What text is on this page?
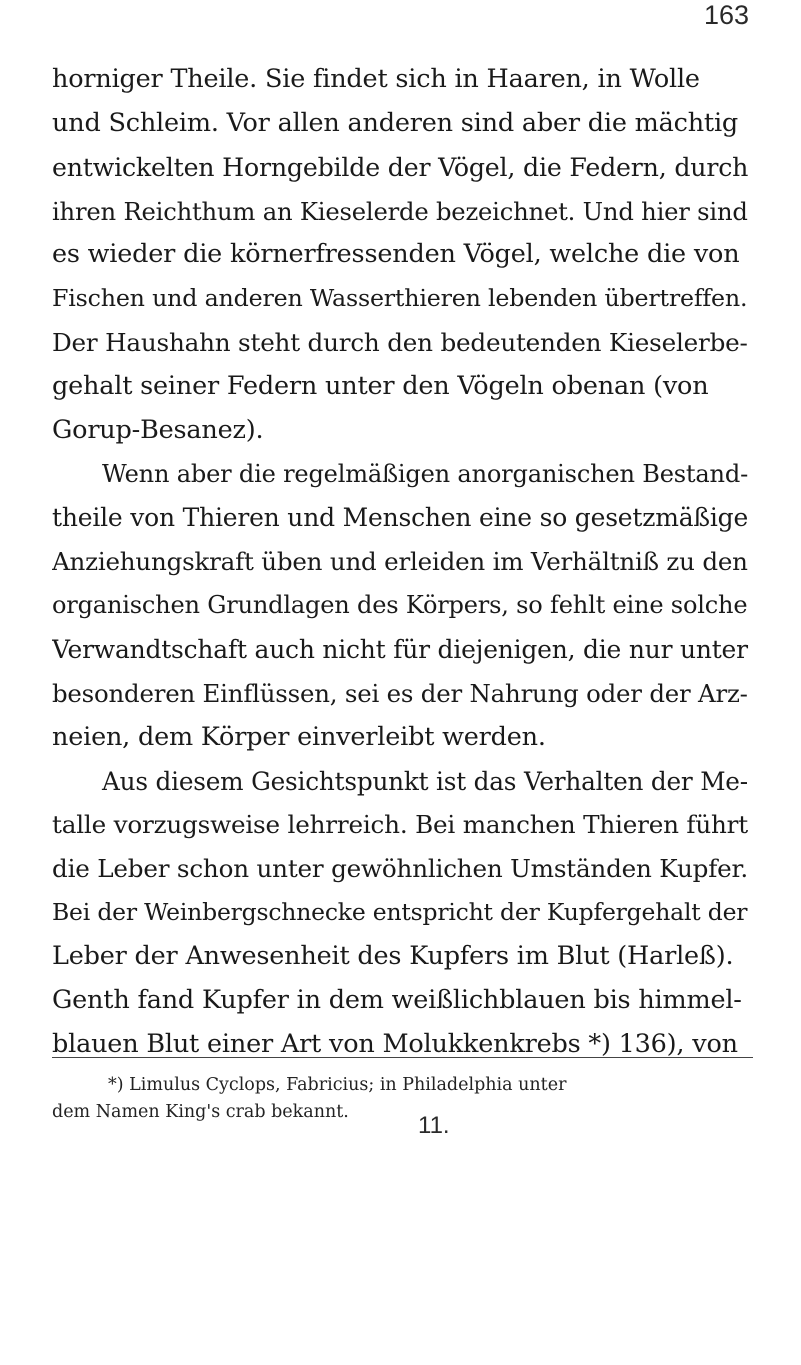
163
horniger Theile. Sie findet sich in Haaren, in Wolle
und Schleim. Vor allen anderen sind aber die mächtig
entwickelten Horngebilde der Vögel, die Federn, durch
ihren Reichthum an Kieselerde bezeichnet. Und hier sind
es wieder die körnerfressenden Vögel, welche die von
Fischen und anderen Wasserthieren lebenden übertreffen.
Der Haushahn steht durch den bedeutenden Kieselerbe-
gehalt seiner Federn unter den Vögeln obenan (von
Gorup-Besanez).
Wenn aber die regelmäßigen anorganischen Bestand-
theile von Thieren und Menschen eine so gesetzmäßige
Anziehungskraft üben und erleiden im Verhältniß zu den
organischen Grundlagen des Körpers, so fehlt eine solche
Verwandtschaft auch nicht für diejenigen, die nur unter
besonderen Einflüssen, sei es der Nahrung oder der Arz-
neien, dem Körper einverleibt werden.
Aus diesem Gesichtspunkt ist das Verhalten der Me-
talle vorzugsweise lehrreich. Bei manchen Thieren führt
die Leber schon unter gewöhnlichen Umständen Kupfer.
Bei der Weinbergschnecke entspricht der Kupfergehalt der
Leber der Anwesenheit des Kupfers im Blut (Harleß).
Genth fand Kupfer in dem weißlichblauen bis himmel-
blauen Blut einer Art von Molukkenkrebs *) 136), von
*) Limulus Cyclops, Fabricius; in Philadelphia unter
dem Namen King's crab bekannt.	11.
